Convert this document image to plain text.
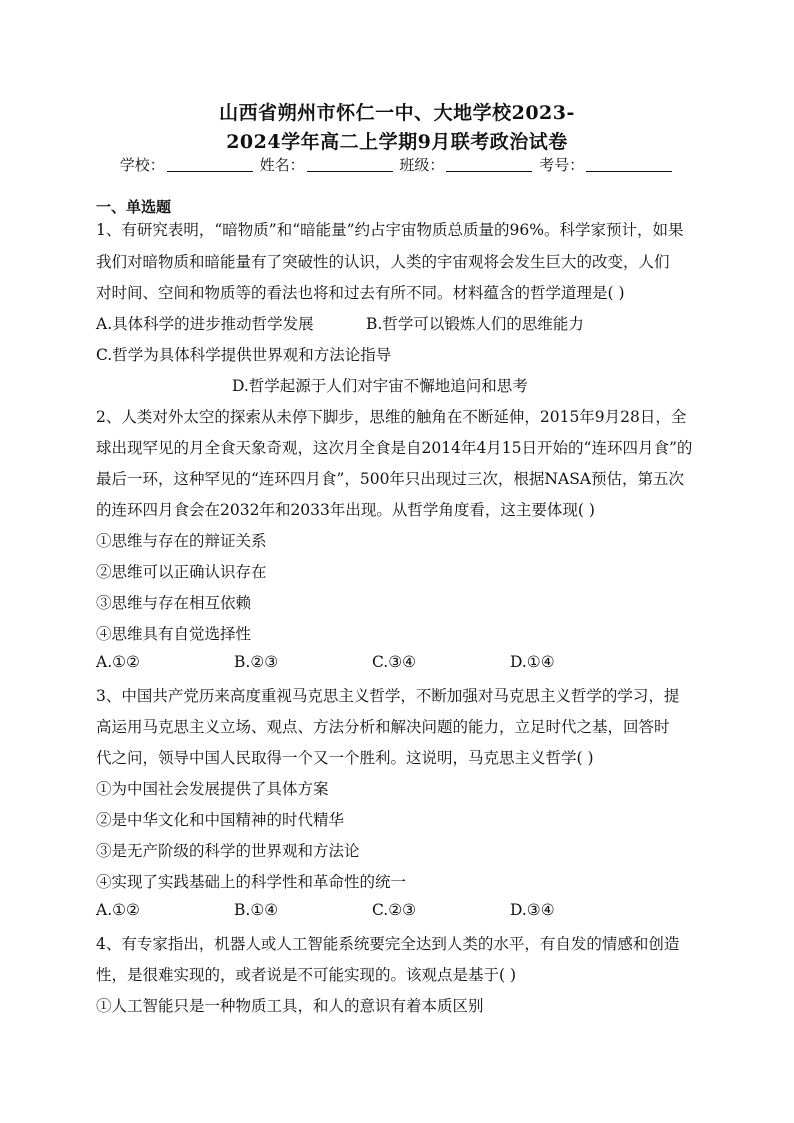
山西省朔州市怀仁一中、大地学校2023-
2024学年高二上学期9月联考政治试卷
学校：	姓名：	班级：	考号：
一、单选题
1、有研究表明，“暗物质”和“暗能量”约占宇宙物质总质量的96%。科学家预计，如果
我们对暗物质和暗能量有了突破性的认识，人类的宇宙观将会发生巨大的改变，人们
对时间、空间和物质等的看法也将和过去有所不同。材料蕴含的哲学道理是( )
A.具体科学的进步推动哲学发展	B.哲学可以锻炼人们的思维能力
C.哲学为具体科学提供世界观和方法论指导
D.哲学起源于人们对宇宙不懈地追问和思考
2、人类对外太空的探索从未停下脚步，思维的触角在不断延伸，2015年9月28日，全
球出现罕见的月全食天象奇观，这次月全食是自2014年4月15日开始的“连环四月食”的
最后一环，这种罕见的“连环四月食”，500年只出现过三次，根据NASA预估，第五次
的连环四月食会在2032年和2033年出现。从哲学角度看，这主要体现( )
①思维与存在的辩证关系
②思维可以正确认识存在
③思维与存在相互依赖
④思维具有自觉选择性
A.①②	B.②③	C.③④	D.①④
3、中国共产党历来高度重视马克思主义哲学，不断加强对马克思主义哲学的学习，提
高运用马克思主义立场、观点、方法分析和解决问题的能力，立足时代之基，回答时
代之问，领导中国人民取得一个又一个胜利。这说明，马克思主义哲学( )
①为中国社会发展提供了具体方案
②是中华文化和中国精神的时代精华
③是无产阶级的科学的世界观和方法论
④实现了实践基础上的科学性和革命性的统一
A.①②	B.①④	C.②③	D.③④
4、有专家指出，机器人或人工智能系统要完全达到人类的水平，有自发的情感和创造
性，是很难实现的，或者说是不可能实现的。该观点是基于( )
①人工智能只是一种物质工具，和人的意识有着本质区别
